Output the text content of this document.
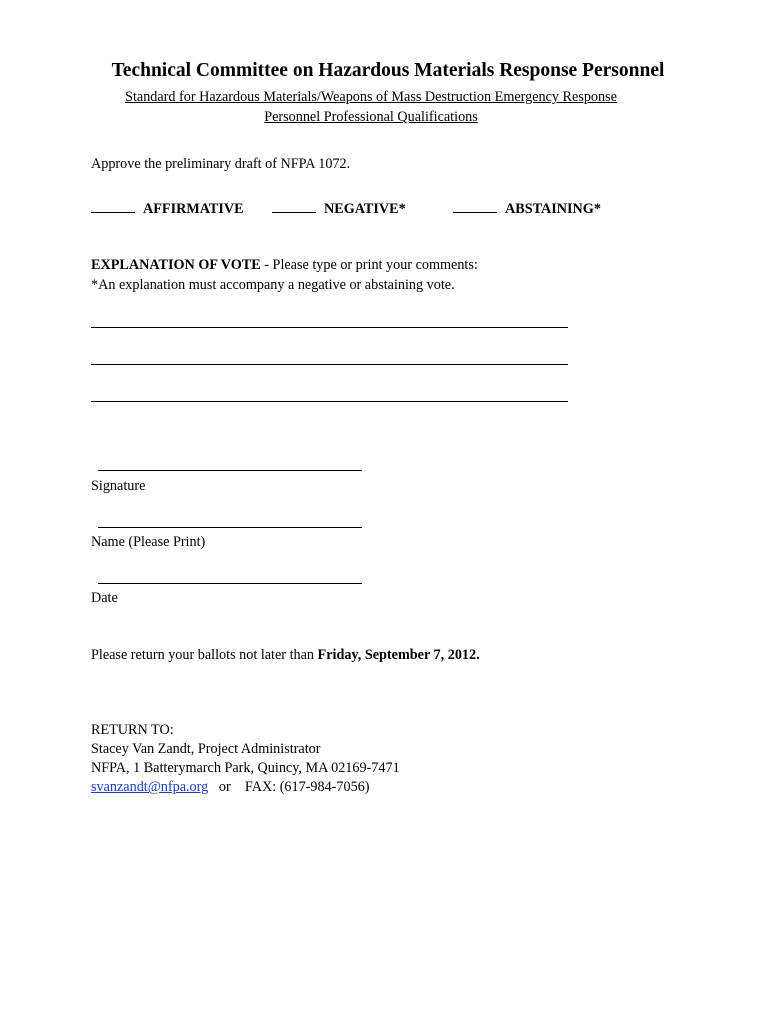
Technical Committee on Hazardous Materials Response Personnel
Standard for Hazardous Materials/Weapons of Mass Destruction Emergency Response
Personnel Professional Qualifications
Approve the preliminary draft of NFPA 1072.
AFFIRMATIVE	NEGATIVE*	ABSTAINING*
EXPLANATION OF VOTE - Please type or print your comments:
*An explanation must accompany a negative or abstaining vote.
Signature
Name (Please Print)
Date
Please return your ballots not later than Friday, September 7, 2012.
RETURN TO:
Stacey Van Zandt, Project Administrator
NFPA, 1 Batterymarch Park, Quincy, MA 02169-7471
svanzandt@nfpa.org or FAX: (617-984-7056)
